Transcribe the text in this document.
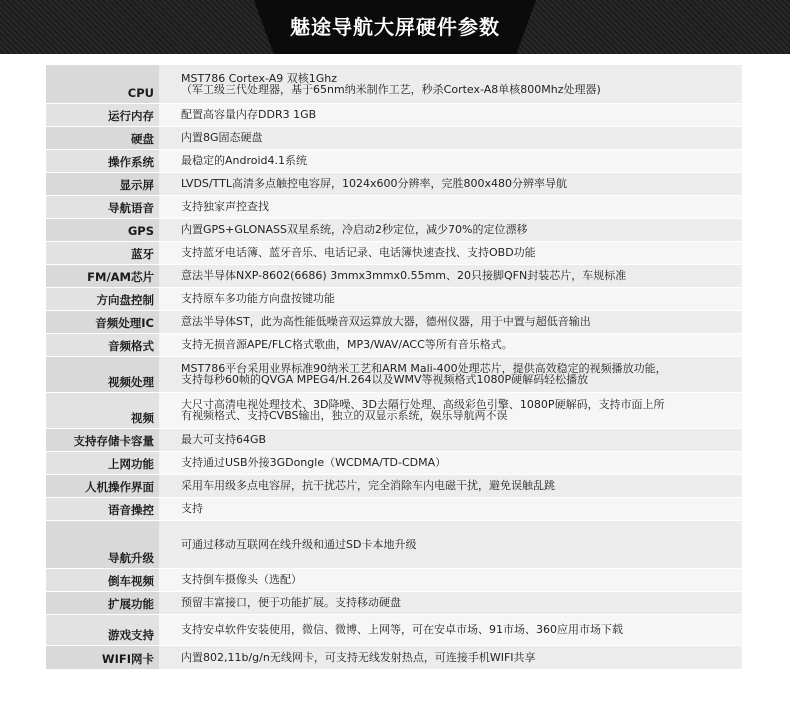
魅途导航大屏硬件参数
CPU	MST786 Cortex-A9 双核1Ghz
（军工级三代处理器，基于65nm纳米制作工艺，秒杀Cortex-A8单核800Mhz处理器)
运行内存	配置高容量内存DDR3 1GB
硬盘	内置8G固态硬盘
操作系统	最稳定的Android4.1系统
显示屏	LVDS/TTL高清多点触控电容屏，1024x600分辨率，完胜800x480分辨率导航
导航语音	支持独家声控查找
GPS	内置GPS+GLONASS双星系统，冷启动2秒定位，减少70%的定位漂移
蓝牙	支持蓝牙电话簿、蓝牙音乐、电话记录、电话簿快速查找、支持OBD功能
FM/AM芯片	意法半导体NXP-8602(6686) 3mmx3mmx0.55mm、20只接脚QFN封装芯片，车规标准
方向盘控制	支持原车多功能方向盘按键功能
音频处理IC	意法半导体ST，此为高性能低噪音双运算放大器，德州仪器，用于中置与超低音输出
音频格式	支持无损音源APE/FLC格式歌曲，MP3/WAV/ACC等所有音乐格式。
视频处理	MST786平台采用业界标准90纳米工艺和ARM Mali-400处理芯片，提供高效稳定的视频播放功能，
支持每秒60帧的QVGA MPEG4/H.264以及WMV等视频格式1080P硬解码轻松播放
视频	大尺寸高清电视处理技术、3D降噪、3D去隔行处理、高级彩色引擎、1080P硬解码，支持市面上所
有视频格式、支持CVBS输出，独立的双显示系统，娱乐导航两不误
支持存储卡容量	最大可支持64GB
上网功能	支持通过USB外接3GDongle（WCDMA/TD-CDMA）
人机操作界面	采用车用级多点电容屏，抗干扰芯片，完全消除车内电磁干扰，避免误触乱跳
语音操控	支持
导航升级	可通过移动互联网在线升级和通过SD卡本地升级
倒车视频	支持倒车摄像头（选配）
扩展功能	预留丰富接口，便于功能扩展。支持移动硬盘
游戏支持	支持安卓软件安装使用，微信、微博、上网等，可在安卓市场、91市场、360应用市场下载
WIFI网卡	内置802,11b/g/n无线网卡，可支持无线发射热点，可连接手机WIFI共享
